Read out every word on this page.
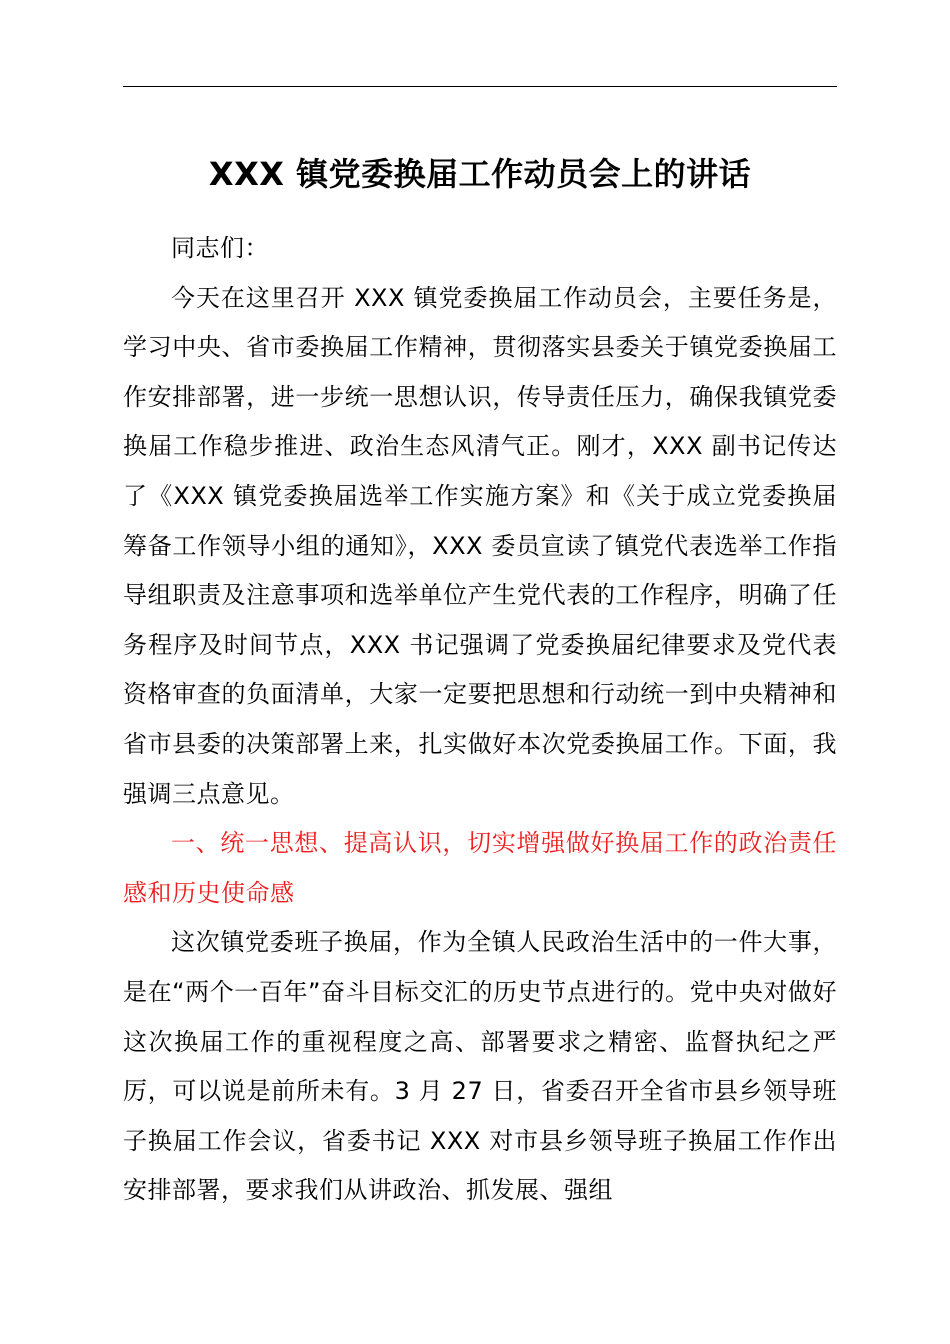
XXX 镇党委换届工作动员会上的讲话

同志们：

今天在这里召开 XXX 镇党委换届工作动员会，主要任务是，学习中央、省市委换届工作精神，贯彻落实县委关于镇党委换届工作安排部署，进一步统一思想认识，传导责任压力，确保我镇党委换届工作稳步推进、政治生态风清气正。刚才，XXX 副书记传达了《XXX 镇党委换届选举工作实施方案》和《关于成立党委换届筹备工作领导小组的通知》，XXX 委员宣读了镇党代表选举工作指导组职责及注意事项和选举单位产生党代表的工作程序，明确了任务程序及时间节点，XXX 书记强调了党委换届纪律要求及党代表资格审查的负面清单，大家一定要把思想和行动统一到中央精神和省市县委的决策部署上来，扎实做好本次党委换届工作。下面，我强调三点意见。

一、统一思想、提高认识，切实增强做好换届工作的政治责任感和历史使命感

这次镇党委班子换届，作为全镇人民政治生活中的一件大事，是在“两个一百年”奋斗目标交汇的历史节点进行的。党中央对做好这次换届工作的重视程度之高、部署要求之精密、监督执纪之严厉，可以说是前所未有。3 月 27 日，省委召开全省市县乡领导班子换届工作会议，省委书记 XXX 对市县乡领导班子换届工作作出安排部署，要求我们从讲政治、抓发展、强组
